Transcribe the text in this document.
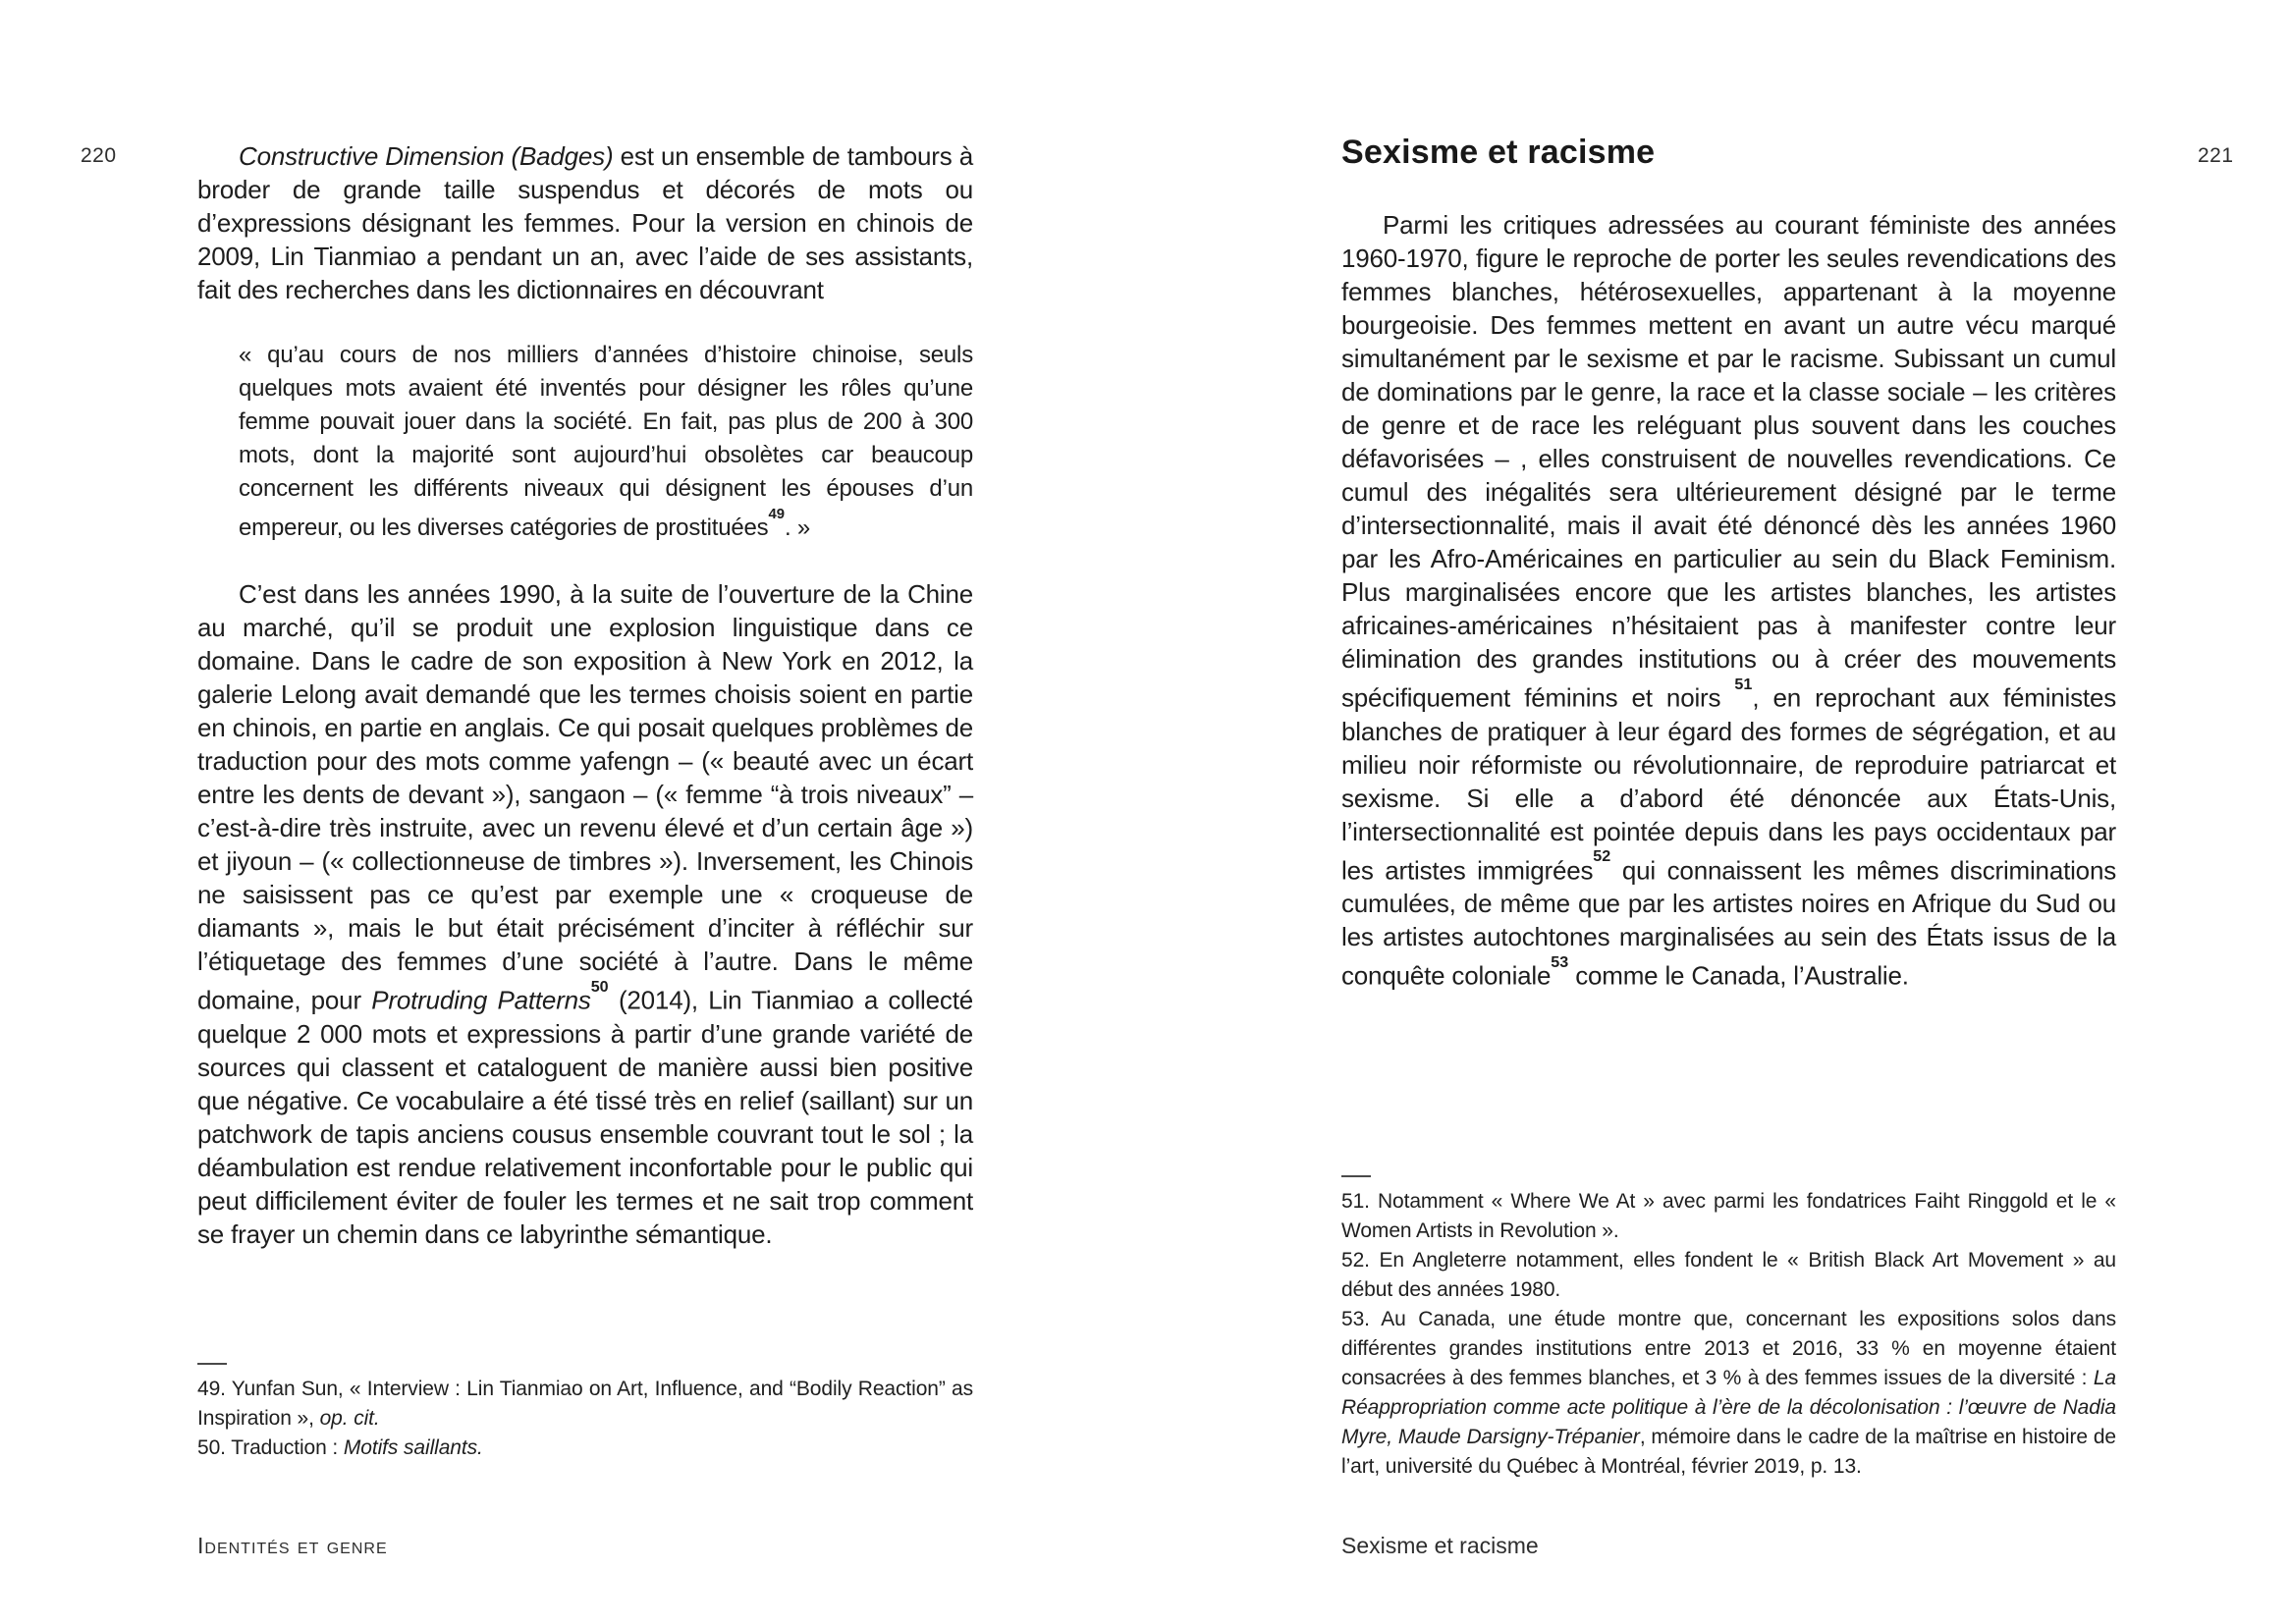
220	Constructive Dimension (Badges) est un ensemble de tambours à broder de grande taille suspendus et décorés de mots ou d’expressions désignant les femmes. Pour la version en chinois de 2009, Lin Tianmiao a pendant un an, avec l’aide de ses assistants, fait des recherches dans les dictionnaires en découvrant

« qu’au cours de nos milliers d’années d’histoire chinoise, seuls quelques mots avaient été inventés pour désigner les rôles qu’une femme pouvait jouer dans la société. En fait, pas plus de 200 à 300 mots, dont la majorité sont aujourd’hui obsolètes car beaucoup concernent les différents niveaux qui désignent les épouses d’un empereur, ou les diverses catégories de prostituées$^{49}$. »

C’est dans les années 1990, à la suite de l’ouverture de la Chine au marché, qu’il se produit une explosion linguistique dans ce domaine. Dans le cadre de son exposition à New York en 2012, la galerie Lelong avait demandé que les termes choisis soient en partie en chinois, en partie en anglais. Ce qui posait quelques problèmes de traduction pour des mots comme yafengn – (« beauté avec un écart entre les dents de devant »), sangaon – (« femme “à trois niveaux” – c’est-à-dire très instruite, avec un revenu élevé et d’un certain âge ») et jiyoun – (« collectionneuse de timbres »). Inversement, les Chinois ne saisissent pas ce qu’est par exemple une « croqueuse de diamants », mais le but était précisément d’inciter à réfléchir sur l’étiquetage des femmes d’une société à l’autre. Dans le même domaine, pour Protruding Patterns$^{50}$ (2014), Lin Tianmiao a collecté quelque 2 000 mots et expressions à partir d’une grande variété de sources qui classent et cataloguent de manière aussi bien positive que négative. Ce vocabulaire a été tissé très en relief (saillant) sur un patchwork de tapis anciens cousus ensemble couvrant tout le sol ; la déambulation est rendue relativement inconfortable pour le public qui peut difficilement éviter de fouler les termes et ne sait trop comment se frayer un chemin dans ce labyrinthe sémantique.

49. Yunfan Sun, « Interview : Lin Tianmiao on Art, Influence, and “Bodily Reaction” as Inspiration », op. cit.

50. Traduction : Motifs saillants.

Identités et genre
Sexisme et racisme	221

Parmi les critiques adressées au courant féministe des années 1960-1970, figure le reproche de porter les seules revendications des femmes blanches, hétérosexuelles, appartenant à la moyenne bourgeoisie. Des femmes mettent en avant un autre vécu marqué simultanément par le sexisme et par le racisme. Subissant un cumul de dominations par le genre, la race et la classe sociale – les critères de genre et de race les reléguant plus souvent dans les couches défavorisées – , elles construisent de nouvelles revendications. Ce cumul des inégalités sera ultérieurement désigné par le terme d’intersectionnalité, mais il avait été dénoncé dès les années 1960 par les Afro-Américaines en particulier au sein du Black Feminism. Plus marginalisées encore que les artistes blanches, les artistes africaines-américaines n’hésitaient pas à manifester contre leur élimination des grandes institutions ou à créer des mouvements spécifiquement féminins et noirs $^{51}$, en reprochant aux féministes blanches de pratiquer à leur égard des formes de ségrégation, et au milieu noir réformiste ou révolutionnaire, de reproduire patriarcat et sexisme. Si elle a d’abord été dénoncée aux États-Unis, l’intersectionnalité est pointée depuis dans les pays occidentaux par les artistes immigrées$^{52}$ qui connaissent les mêmes discriminations cumulées, de même que par les artistes noires en Afrique du Sud ou les artistes autochtones marginalisées au sein des États issus de la conquête coloniale$^{53}$ comme le Canada, l’Australie.

51. Notamment « Where We At » avec parmi les fondatrices Faiht Ringgold et le « Women Artists in Revolution ».

52. En Angleterre notamment, elles fondent le « British Black Art Movement » au début des années 1980.

53. Au Canada, une étude montre que, concernant les expositions solos dans différentes grandes institutions entre 2013 et 2016, 33 % en moyenne étaient consacrées à des femmes blanches, et 3 % à des femmes issues de la diversité : La Réappropriation comme acte politique à l’ère de la décolonisation : l’œuvre de Nadia Myre, Maude Darsigny-Trépanier, mémoire dans le cadre de la maîtrise en histoire de l’art, université du Québec à Montréal, février 2019, p. 13.

Sexisme et racisme
